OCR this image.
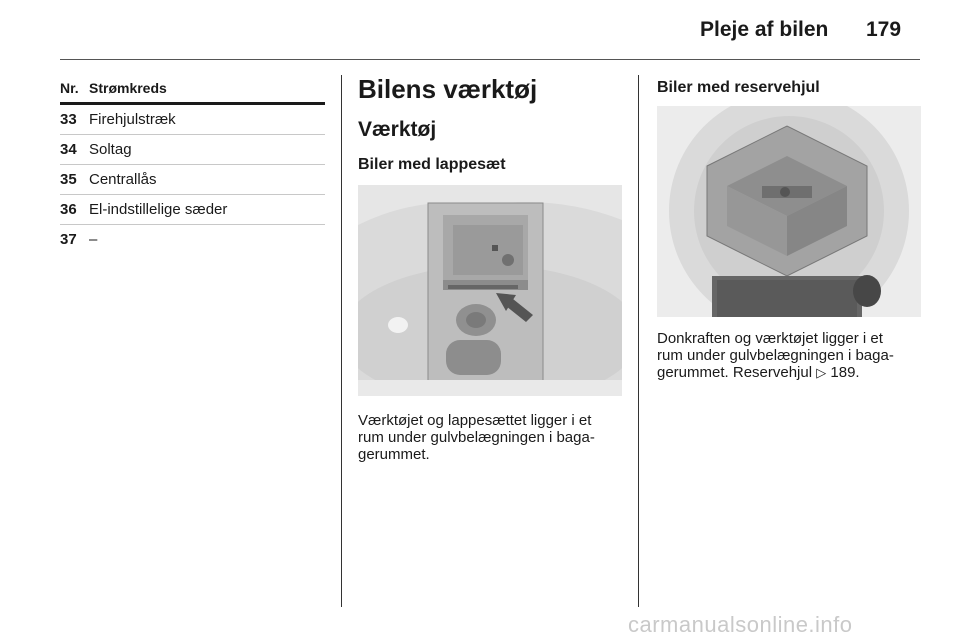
Pleje af bilen 179
Nr. Strømkreds
33 Firehjulstræk
34 Soltag
35 Centrallås
36 El-indstillelige sæder
37 –
Bilens værktøj
Værktøj
Biler med lappesæt
Værktøjet og lappesættet ligger i et
rum under gulvbelægningen i baga-
gerummet.
Biler med reservehjul
Donkraften og værktøjet ligger i et
rum under gulvbelægningen i baga-
gerummet. Reservehjul ▷ 189.
carmanualsonline.info
